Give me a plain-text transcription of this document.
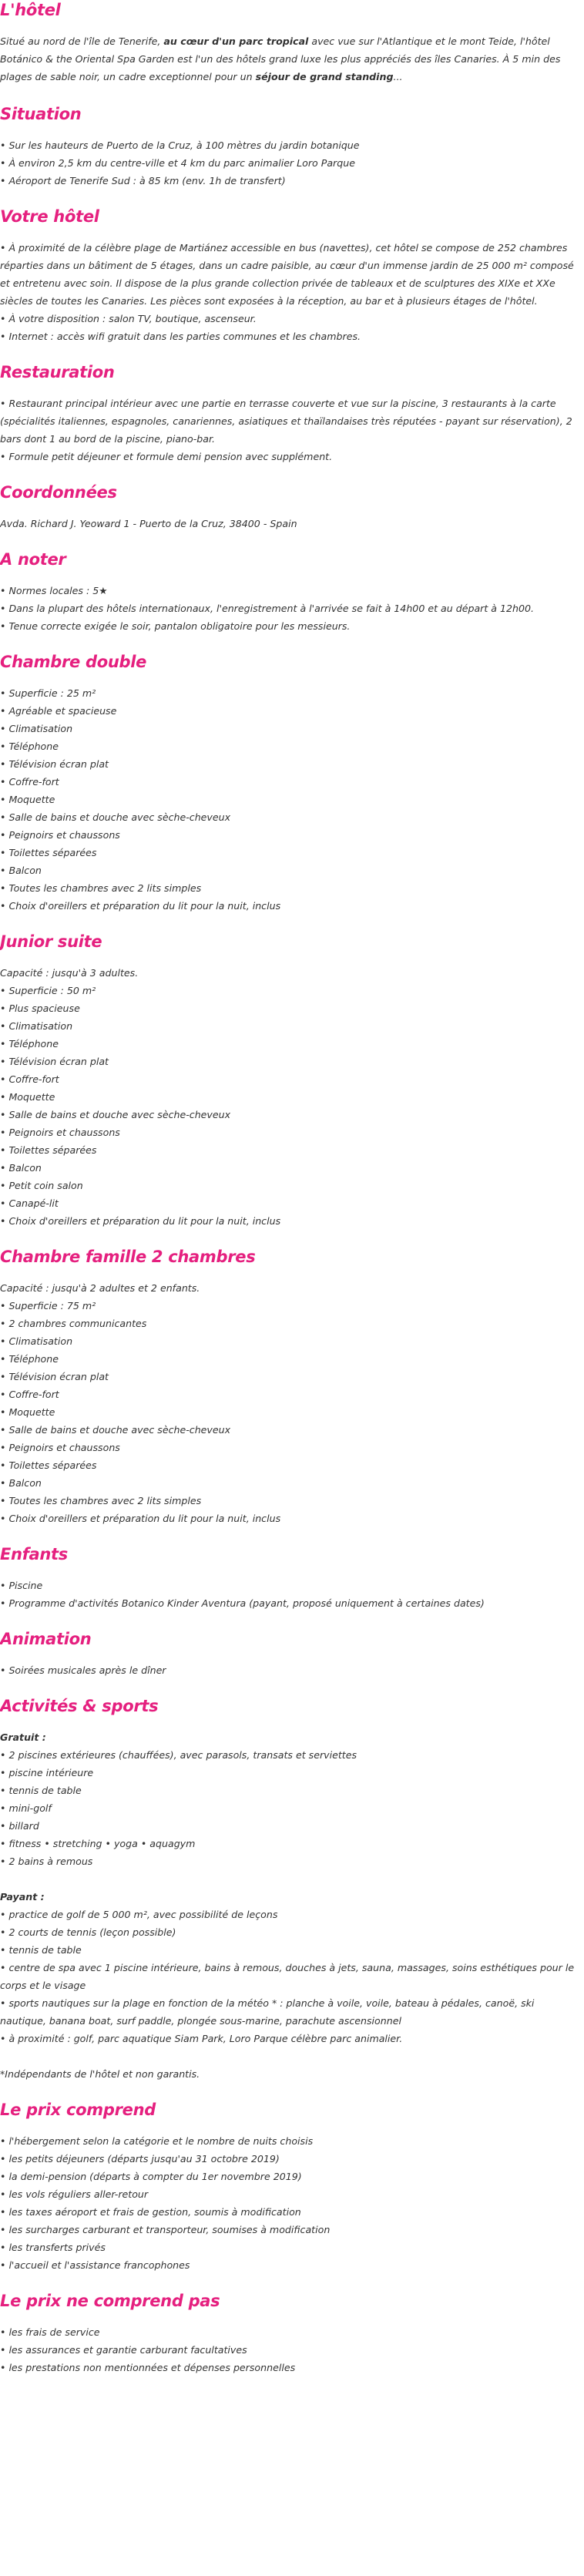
L'hôtel

Situé au nord de l'île de Tenerife, au cœur d'un parc tropical avec vue sur l'Atlantique et le mont Teide, l'hôtel Botánico & the Oriental Spa Garden est l'un des hôtels grand luxe les plus appréciés des îles Canaries. À 5 min des plages de sable noir, un cadre exceptionnel pour un séjour de grand standing...

Situation
• Sur les hauteurs de Puerto de la Cruz, à 100 mètres du jardin botanique
• À environ 2,5 km du centre-ville et 4 km du parc animalier Loro Parque
• Aéroport de Tenerife Sud : à 85 km (env. 1h de transfert)
Votre hôtel
• À proximité de la célèbre plage de Martiánez accessible en bus (navettes), cet hôtel se compose de 252 chambres réparties dans un bâtiment de 5 étages, dans un cadre paisible, au cœur d'un immense jardin de 25 000 m² composé et entretenu avec soin. Il dispose de la plus grande collection privée de tableaux et de sculptures des XIXe et XXe siècles de toutes les Canaries. Les pièces sont exposées à la réception, au bar et à plusieurs étages de l'hôtel.
• À votre disposition : salon TV, boutique, ascenseur.
• Internet : accès wifi gratuit dans les parties communes et les chambres.
Restauration
• Restaurant principal intérieur avec une partie en terrasse couverte et vue sur la piscine, 3 restaurants à la carte (spécialités italiennes, espagnoles, canariennes, asiatiques et thaïlandaises très réputées - payant sur réservation), 2 bars dont 1 au bord de la piscine, piano-bar.
• Formule petit déjeuner et formule demi pension avec supplément.
Coordonnées

Avda. Richard J. Yeoward 1 - Puerto de la Cruz, 38400 - Spain

A noter
• Normes locales : 5★
• Dans la plupart des hôtels internationaux, l'enregistrement à l'arrivée se fait à 14h00 et au départ à 12h00.
• Tenue correcte exigée le soir, pantalon obligatoire pour les messieurs.
Chambre double
• Superficie : 25 m²
• Agréable et spacieuse
• Climatisation
• Téléphone
• Télévision écran plat
• Coffre-fort
• Moquette
• Salle de bains et douche avec sèche-cheveux
• Peignoirs et chaussons
• Toilettes séparées
• Balcon
• Toutes les chambres avec 2 lits simples
• Choix d'oreillers et préparation du lit pour la nuit, inclus
Junior suite

Capacité : jusqu'à 3 adultes.

• Superficie : 50 m²
• Plus spacieuse
• Climatisation
• Téléphone
• Télévision écran plat
• Coffre-fort
• Moquette
• Salle de bains et douche avec sèche-cheveux
• Peignoirs et chaussons
• Toilettes séparées
• Balcon
• Petit coin salon
• Canapé-lit
• Choix d'oreillers et préparation du lit pour la nuit, inclus
Chambre famille 2 chambres

Capacité : jusqu'à 2 adultes et 2 enfants.

• Superficie : 75 m²
• 2 chambres communicantes
• Climatisation
• Téléphone
• Télévision écran plat
• Coffre-fort
• Moquette
• Salle de bains et douche avec sèche-cheveux
• Peignoirs et chaussons
• Toilettes séparées
• Balcon
• Toutes les chambres avec 2 lits simples
• Choix d'oreillers et préparation du lit pour la nuit, inclus
Enfants
• Piscine
• Programme d'activités Botanico Kinder Aventura (payant, proposé uniquement à certaines dates)
Animation
• Soirées musicales après le dîner
Activités & sports
Gratuit :
• 2 piscines extérieures (chauffées), avec parasols, transats et serviettes
• piscine intérieure
• tennis de table
• mini-golf
• billard
• fitness • stretching • yoga • aquagym
• 2 bains à remous
Payant :
• practice de golf de 5 000 m², avec possibilité de leçons
• 2 courts de tennis (leçon possible)
• tennis de table
• centre de spa avec 1 piscine intérieure, bains à remous, douches à jets, sauna, massages, soins esthétiques pour le corps et le visage
• sports nautiques sur la plage en fonction de la météo * : planche à voile, voile, bateau à pédales, canoë, ski nautique, banana boat, surf paddle, plongée sous-marine, parachute ascensionnel
• à proximité : golf, parc aquatique Siam Park, Loro Parque célèbre parc animalier.

*Indépendants de l'hôtel et non garantis.

Le prix comprend
• l'hébergement selon la catégorie et le nombre de nuits choisis
• les petits déjeuners (départs jusqu'au 31 octobre 2019)
• la demi-pension (départs à compter du 1er novembre 2019)
• les vols réguliers aller-retour
• les taxes aéroport et frais de gestion, soumis à modification
• les surcharges carburant et transporteur, soumises à modification
• les transferts privés
• l'accueil et l'assistance francophones
Le prix ne comprend pas
• les frais de service
• les assurances et garantie carburant facultatives
• les prestations non mentionnées et dépenses personnelles
